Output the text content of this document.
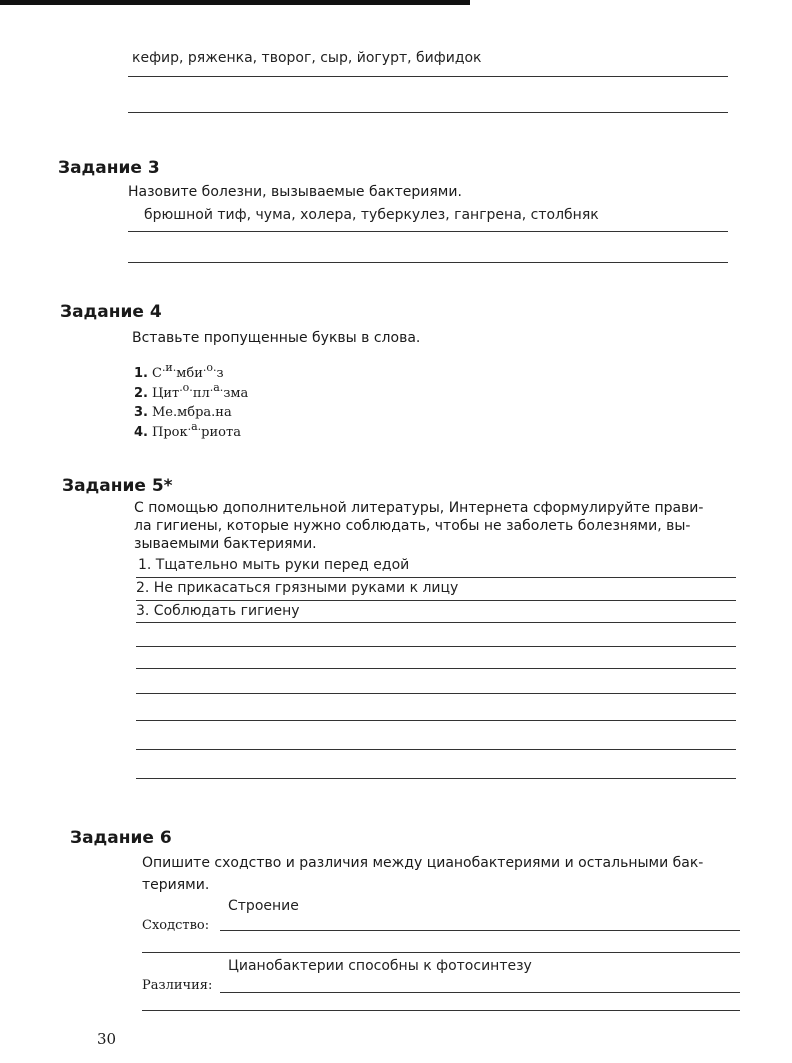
кефир, ряженка, творог, сыр, йогурт, бифидок
Задание 3
Назовите болезни, вызываемые бактериями.
брюшной тиф, чума, холера, туберкулез, гангрена, столбняк
Задание 4
Вставьте пропущенные буквы в слова.
1. $С^{.и.}мби^{.о.}з$
2. $Цит^{.о.}пл^{.а.}зма$
3. Ме.мбра.на
4. Прок$^{.а.}$риота
Задание 5*
С помощью дополнительной литературы, Интернета сформулируйте прави-
ла гигиены, которые нужно соблюдать, чтобы не заболеть болезнями, вы-
зываемыми бактериями.
1. Тщательно мыть руки перед едой
2. Не прикасаться грязными руками к лицу
3. Соблюдать гигиену
Задание 6
Опишите сходство и различия между цианобактериями и остальными бак-
териями.
Строение
Сходство:
Цианобактерии способны к фотосинтезу
Различия:
30
